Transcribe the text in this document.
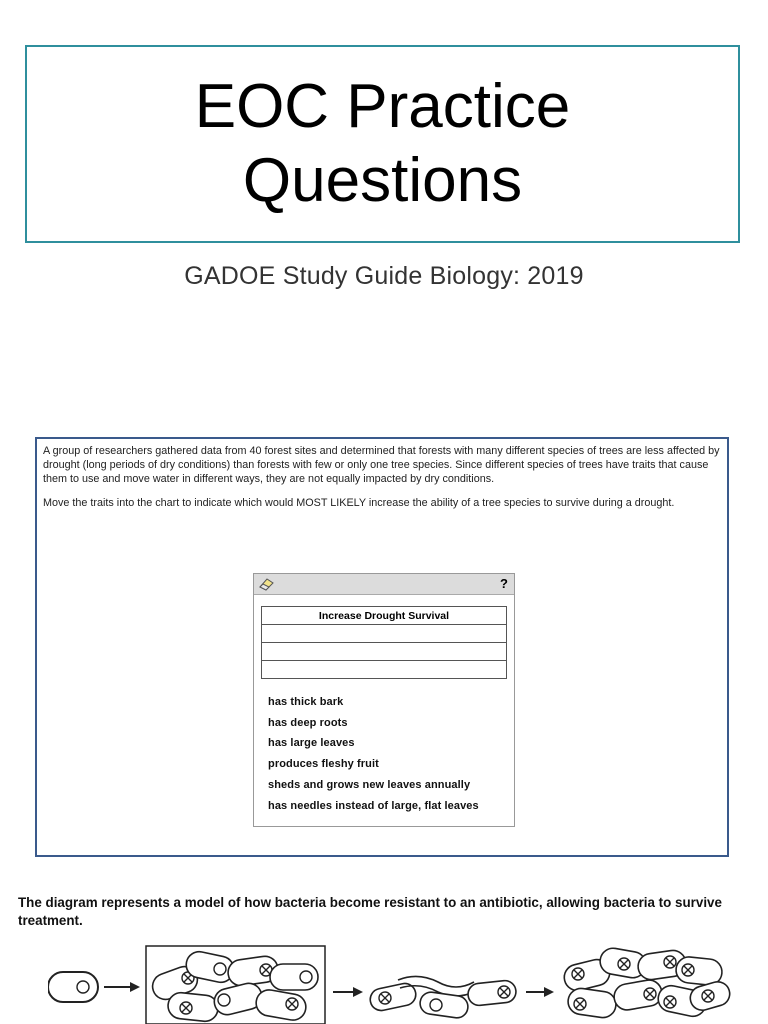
EOC Practice
Questions
GADOE Study Guide Biology: 2019

A group of researchers gathered data from 40 forest sites and determined that forests with many different species of trees are less affected by drought (long periods of dry conditions) than forests with few or only one tree species. Since different species of trees have traits that cause them to use and move water in different ways, they are not equally impacted by dry conditions.

Move the traits into the chart to indicate which would MOST LIKELY increase the ability of a tree species to survive during a drought.

?
Increase Drought Survival

has thick bark
has deep roots
has large leaves
produces fleshy fruit
sheds and grows new leaves annually
has needles instead of large, flat leaves
The diagram represents a model of how bacteria become resistant to an antibiotic, allowing bacteria to survive treatment.
